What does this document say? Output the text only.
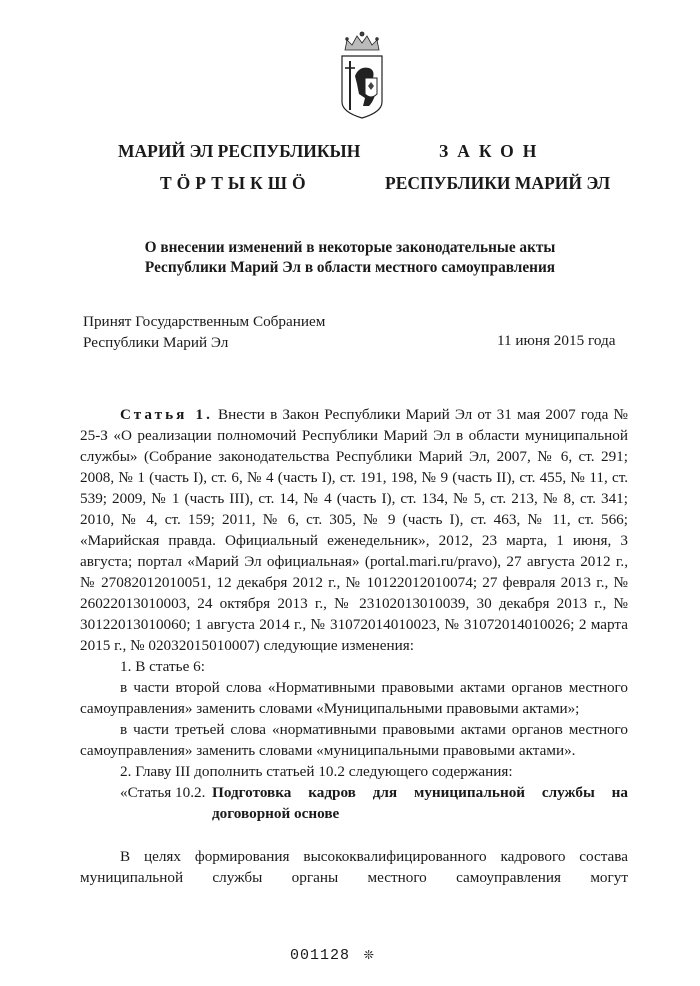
МАРИЙ ЭЛ РЕСПУБЛИКЫН
ТӦРТЫКШӦ
ЗАКОН
РЕСПУБЛИКИ МАРИЙ ЭЛ
О внесении изменений в некоторые законодательные акты
Республики Марий Эл в области местного самоуправления
Принят Государственным Собранием
Республики Марий Эл	11 июня 2015 года

Статья 1. Внести в Закон Республики Марий Эл от 31 мая 2007 года № 25-З «О реализации полномочий Республики Марий Эл в области муниципальной службы» (Собрание законодательства Республики Марий Эл, 2007, № 6, ст. 291; 2008, № 1 (часть I), ст. 6, № 4 (часть I), ст. 191, 198, № 9 (часть II), ст. 455, № 11, ст. 539; 2009, № 1 (часть III), ст. 14, № 4 (часть I), ст. 134, № 5, ст. 213, № 8, ст. 341; 2010, № 4, ст. 159; 2011, № 6, ст. 305, № 9 (часть I), ст. 463, № 11, ст. 566; «Марийская правда. Официальный еженедельник», 2012, 23 марта, 1 июня, 3 августа; портал «Марий Эл официальная» (portal.mari.ru/pravo), 27 августа 2012 г., № 27082012010051, 12 декабря 2012 г., № 10122012010074; 27 февраля 2013 г., № 26022013010003, 24 октября 2013 г., № 23102013010039, 30 декабря 2013 г., № 30122013010060; 1 августа 2014 г., № 31072014010023, № 31072014010026; 2 марта 2015 г., № 02032015010007) следующие изменения:

1. В статье 6:

в части второй слова «Нормативными правовыми актами органов местного самоуправления» заменить словами «Муниципальными правовыми актами»;

в части третьей слова «нормативными правовыми актами органов местного самоуправления» заменить словами «муниципальными правовыми актами».

2. Главу III дополнить статьей 10.2 следующего содержания:

«Статья 10.2. Подготовка кадров для муниципальной службы на договорной основе

В целях формирования высококвалифицированного кадрового состава муниципальной службы органы местного самоуправления могут

001128 ❊
